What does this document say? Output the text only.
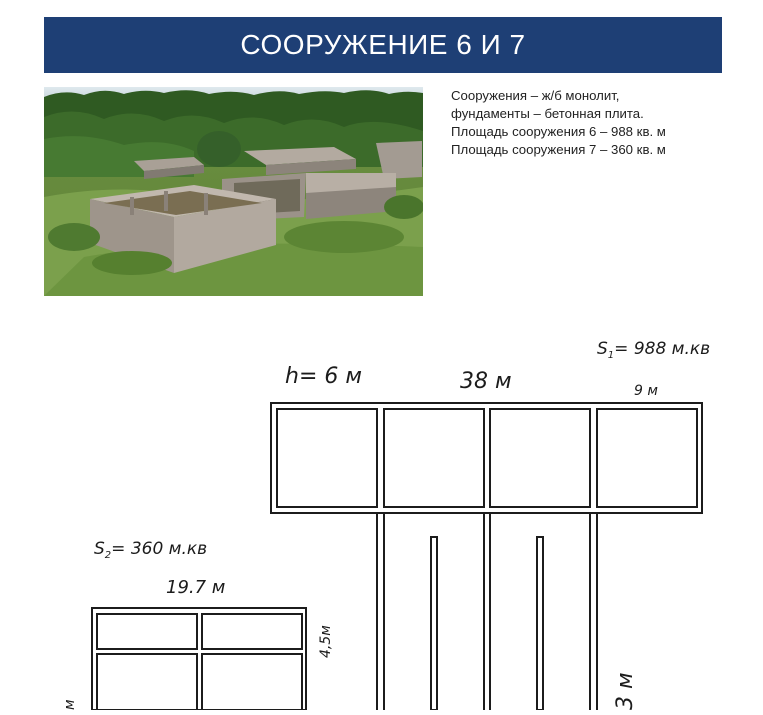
СООРУЖЕНИЕ 6 И 7
Сооружения – ж/б монолит,
фундаменты – бетонная плита.
Площадь сооружения 6 – 988 кв. м
Площадь сооружения 7 – 360 кв. м
h= 6 м	38 м	9 м
3 м
$S_1= 988$ м.кв
$S_2= 360$ м.кв
19.7 м
4,5м
м
